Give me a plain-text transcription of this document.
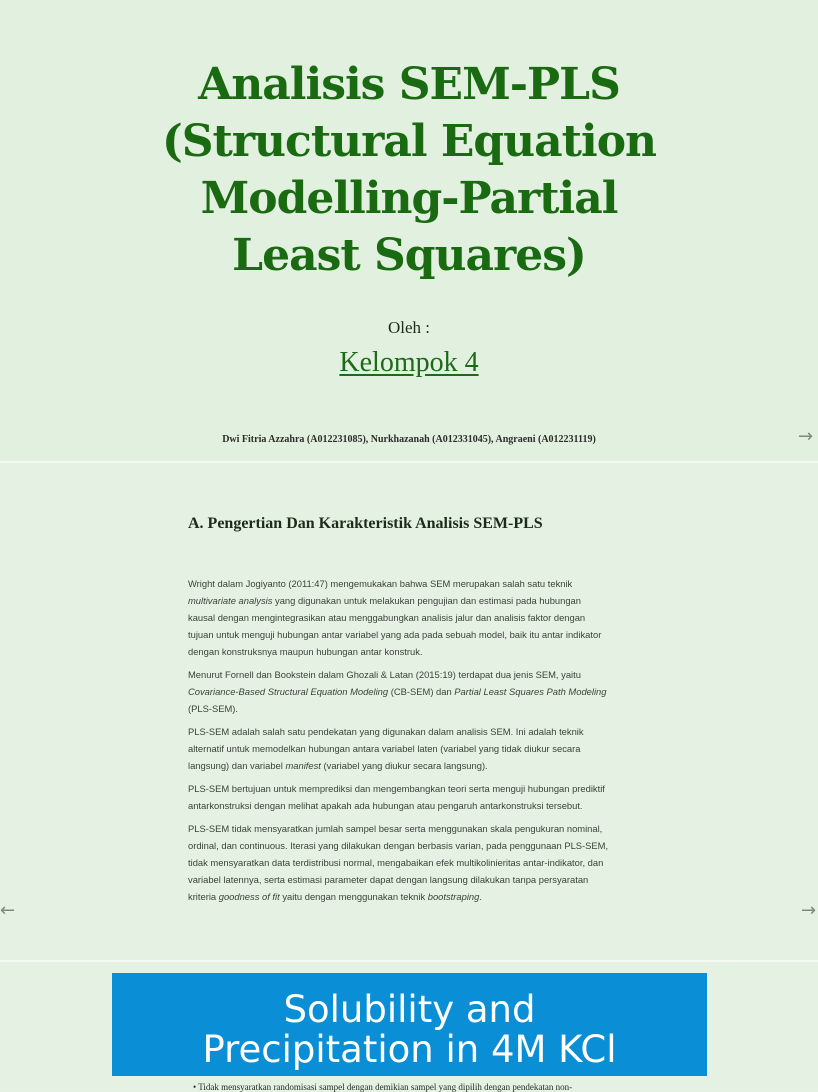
Analisis SEM-PLS
(Structural Equation
Modelling-Partial
Least Squares)
Oleh :
Kelompok 4
Dwi Fitria Azzahra (A012231085), Nurkhazanah (A012331045), Angraeni (A012231119)	→
A. Pengertian Dan Karakteristik Analisis SEM-PLS

Wright dalam Jogiyanto (2011:47) mengemukakan bahwa SEM merupakan salah satu teknik multivariate analysis yang digunakan untuk melakukan pengujian dan estimasi pada hubungan kausal dengan mengintegrasikan atau menggabungkan analisis jalur dan analisis faktor dengan tujuan untuk menguji hubungan antar variabel yang ada pada sebuah model, baik itu antar indikator dengan konstruksnya maupun hubungan antar konstruk.

Menurut Fornell dan Bookstein dalam Ghozali & Latan (2015:19) terdapat dua jenis SEM, yaitu Covariance-Based Structural Equation Modeling (CB-SEM) dan Partial Least Squares Path Modeling (PLS-SEM).

PLS-SEM adalah salah satu pendekatan yang digunakan dalam analisis SEM. Ini adalah teknik alternatif untuk memodelkan hubungan antara variabel laten (variabel yang tidak diukur secara langsung) dan variabel manifest (variabel yang diukur secara langsung).

PLS-SEM bertujuan untuk memprediksi dan mengembangkan teori serta menguji hubungan prediktif antarkonstruksi dengan melihat apakah ada hubungan atau pengaruh antarkonstruksi tersebut.

PLS-SEM tidak mensyaratkan jumlah sampel besar serta menggunakan skala pengukuran nominal, ordinal, dan continuous. Iterasi yang dilakukan dengan berbasis varian, pada penggunaan PLS-SEM, tidak mensyaratkan data terdistribusi normal, mengabaikan efek multikolinieritas antar-indikator, dan variabel latennya, serta estimasi parameter dapat dengan langsung dilakukan tanpa persyaratan kriteria goodness of fit yaitu dengan menggunakan teknik bootstraping.

←	→
Solubility and
Precipitation in 4M KCl
• Tidak mensyaratkan randomisasi sampel dengan demikian sampel yang dipilih dengan pendekatan non-
